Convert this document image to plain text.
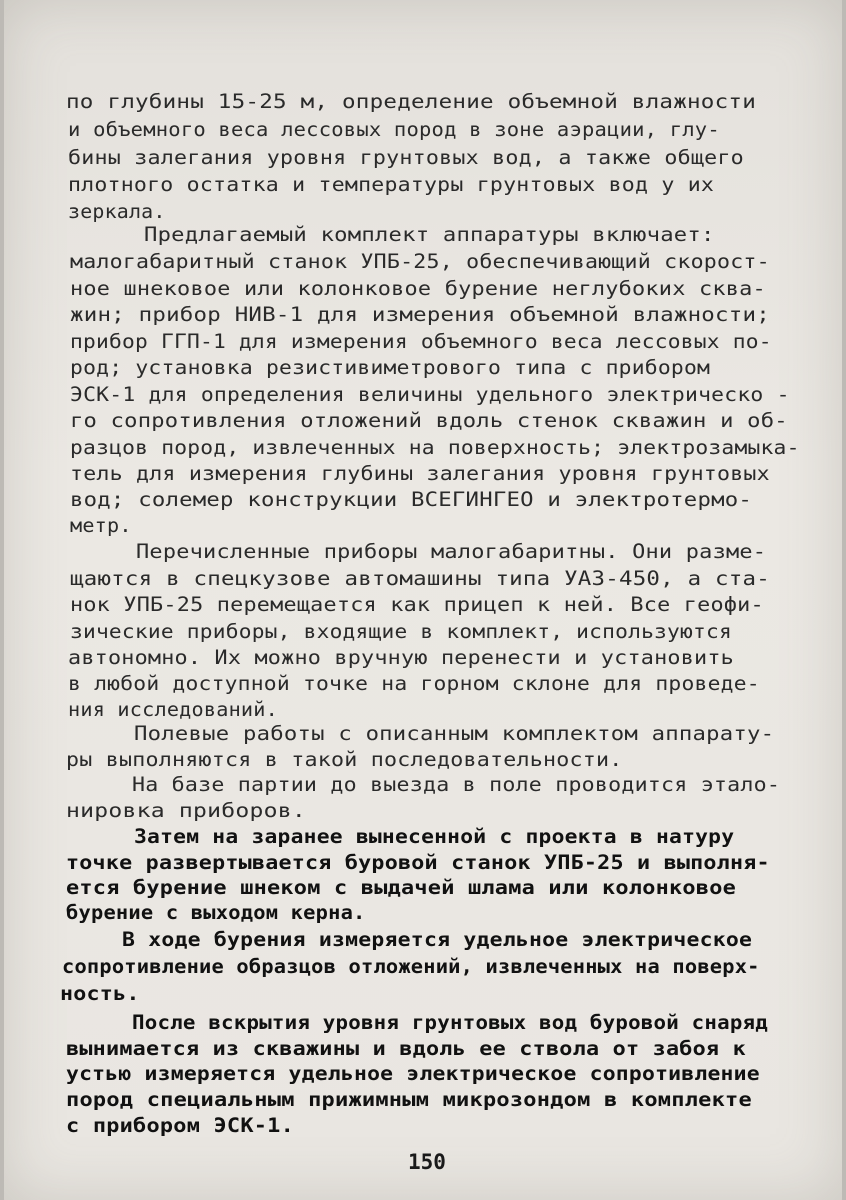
по глубины 15-25 м, определение объемной влажности
и объемного веса лессовых пород в зоне аэрации, глу-
бины залегания уровня грунтовых вод, а также общего
плотного остатка и температуры грунтовых вод у их
зеркала.
Предлагаемый комплект аппаратуры включает:
малогабаритный станок УПБ-25, обеспечивающий скорост-
ное шнековое или колонковое бурение неглубоких сква-
жин; прибор НИВ-1 для измерения объемной влажности;
прибор ГГП-1 для измерения объемного веса лессовых по-
род; установка резистивиметрового типа с прибором
ЭСК-1 для определения величины удельного электрическо -
го сопротивления отложений вдоль стенок скважин и об-
разцов пород, извлеченных на поверхность; электрозамыка-
тель для измерения глубины залегания уровня грунтовых
вод; солемер конструкции ВСЕГИНГЕО и электротермо-
метр.
Перечисленные приборы малогабаритны. Они разме-
щаются в спецкузове автомашины типа УАЗ-450, а ста-
нок УПБ-25 перемещается как прицеп к ней. Все геофи-
зические приборы, входящие в комплект, используются
автономно. Их можно вручную перенести и установить
в любой доступной точке на горном склоне для проведе-
ния исследований.
Полевые работы с описанным комплектом аппарату-
ры выполняются в такой последовательности.
На базе партии до выезда в поле проводится этало-
нировка приборов.
Затем на заранее вынесенной с проекта в натуру
точке развертывается буровой станок УПБ-25 и выполня-
ется бурение шнеком с выдачей шлама или колонковое
бурение с выходом керна.
В ходе бурения измеряется удельное электрическое
сопротивление образцов отложений, извлеченных на поверх-
ность.
После вскрытия уровня грунтовых вод буровой снаряд
вынимается из скважины и вдоль ее ствола от забоя к
устью измеряется удельное электрическое сопротивление
пород специальным прижимным микрозондом в комплекте
с прибором ЭСК-1.
150
